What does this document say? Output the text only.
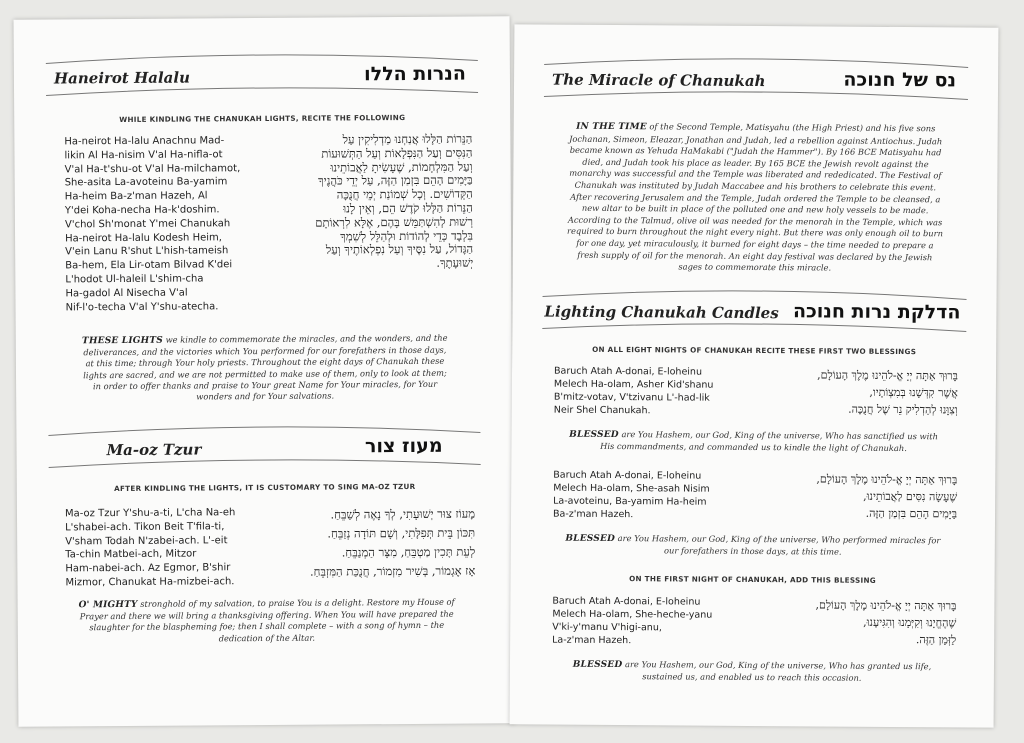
Haneirot Halalu	הנרות הללו
WHILE KINDLING THE CHANUKAH LIGHTS, RECITE THE FOLLOWING
Ha-neirot Ha-lalu Anachnu Mad-
likin Al Ha-nisim V'al Ha-nifla-ot
V'al Ha-t'shu-ot V'al Ha-milchamot,
She-asita La-avoteinu Ba-yamim
Ha-heim Ba-z'man Hazeh, Al
Y'dei Koha-necha Ha-k'doshim.
V'chol Sh'monat Y'mei Chanukah
Ha-neirot Ha-lalu Kodesh Heim,
V'ein Lanu R'shut L'hish-tameish
Ba-hem, Ela Lir-otam Bilvad K'dei
L'hodot Ul-haleil L'shim-cha
Ha-gadol Al Nisecha V'al
Nif-l'o-techa V'al Y'shu-atecha.
הַנֵּרוֹת הַלָּלוּ אֲנַחְנוּ מַדְלִיקִין עַל
הַנִּסִּים וְעַל הַנִּפְלָאוֹת וְעַל הַתְּשׁוּעוֹת
וְעַל הַמִּלְחָמוֹת, שֶׁעָשִׂיתָ לַאֲבוֹתֵינוּ
בַּיָּמִים הָהֵם בִּזְמַן הַזֶּה, עַל יְדֵי כֹּהֲנֶיךָ
הַקְּדוֹשִׁים. וְכָל שְׁמוֹנַת יְמֵי חֲנֻכָּה
הַנֵּרוֹת הַלָּלוּ קֹדֶשׁ הֵם, וְאֵין לָנוּ
רְשׁוּת לְהִשְׁתַּמֵּשׁ בָּהֶם, אֶלָּא לִרְאוֹתָם
בִּלְבָד כְּדֵי לְהוֹדוֹת וּלְהַלֵּל לְשִׁמְךָ
הַגָּדוֹל, עַל נִסֶּיךָ וְעַל נִפְלְאוֹתֶיךָ וְעַל
יְשׁוּעָתֶךָ.
THESE LIGHTS we kindle to commemorate the miracles, and the wonders, and the deliverances, and the victories which You performed for our forefathers in those days, at this time; through Your holy priests. Throughout the eight days of Chanukah these lights are sacred, and we are not permitted to make use of them, only to look at them; in order to offer thanks and praise to Your great Name for Your miracles, for Your wonders and for Your salvations.
Ma-oz Tzur	מעוז צור
AFTER KINDLING THE LIGHTS, IT IS CUSTOMARY TO SING MA-OZ TZUR
Ma-oz Tzur Y'shu-a-ti, L'cha Na-eh
L'shabei-ach. Tikon Beit T'fila-ti,
V'sham Todah N'zabei-ach. L'-eit
Ta-chin Matbei-ach, Mitzor
Ham-nabei-ach. Az Egmor, B'shir
Mizmor, Chanukat Ha-mizbei-ach.
מָעוֹז צוּר יְשׁוּעָתִי, לְךָ נָאֶה לְשַׁבֵּחַ.
תִּכּוֹן בֵּית תְּפִלָּתִי, וְשָׁם תּוֹדָה נְזַבֵּחַ.
לְעֵת תָּכִין מַטְבֵּחַ, מִצָּר הַמְנַבֵּחַ.
אָז אֶגְמוֹר, בְּשִׁיר מִזְמוֹר, חֲנֻכַּת הַמִּזְבֵּחַ.
O' MIGHTY stronghold of my salvation, to praise You is a delight. Restore my House of Prayer and there we will bring a thanksgiving offering. When You will have prepared the slaughter for the blaspheming foe; then I shall complete – with a song of hymn – the dedication of the Altar.
The Miracle of Chanukah	נס של חנוכה
IN THE TIME of the Second Temple, Matisyahu (the High Priest) and his five sons Jochanan, Simeon, Eleazar, Jonathan and Judah, led a rebellion against Antiochus. Judah became known as Yehuda HaMakabi ("Judah the Hammer"). By 166 BCE Matisyahu had died, and Judah took his place as leader. By 165 BCE the Jewish revolt against the monarchy was successful and the Temple was liberated and rededicated. The Festival of Chanukah was instituted by Judah Maccabee and his brothers to celebrate this event. After recovering Jerusalem and the Temple, Judah ordered the Temple to be cleansed, a new altar to be built in place of the polluted one and new holy vessels to be made. According to the Talmud, olive oil was needed for the menorah in the Temple, which was required to burn throughout the night every night. But there was only enough oil to burn for one day, yet miraculously, it burned for eight days – the time needed to prepare a fresh supply of oil for the menorah. An eight day festival was declared by the Jewish sages to commemorate this miracle.
Lighting Chanukah Candles הדלקת נרות חנוכה
ON ALL EIGHT NIGHTS OF CHANUKAH RECITE THESE FIRST TWO BLESSINGS
Baruch Atah A-donai, E-loheinu
Melech Ha-olam, Asher Kid'shanu
B'mitz-votav, V'tzivanu L'-had-lik
Neir Shel Chanukah.
בָּרוּךְ אַתָּה יְיָ אֱ-לֹהֵינוּ מֶלֶךְ הָעוֹלָם,
אֲשֶׁר קִדְּשָׁנוּ בְּמִצְוֹתָיו,
וְצִוָּנוּ לְהַדְלִיק נֵר שֶׁל חֲנֻכָּה.
BLESSED are You Hashem, our God, King of the universe, Who has sanctified us with His commandments, and commanded us to kindle the light of Chanukah.
Baruch Atah A-donai, E-loheinu
Melech Ha-olam, She-asah Nisim
La-avoteinu, Ba-yamim Ha-heim
Ba-z'man Hazeh.
בָּרוּךְ אַתָּה יְיָ אֱ-לֹהֵינוּ מֶלֶךְ הָעוֹלָם,
שֶׁעָשָׂה נִסִּים לַאֲבוֹתֵינוּ,
בַּיָּמִים הָהֵם בִּזְמַן הַזֶּה.
BLESSED are You Hashem, our God, King of the universe, Who performed miracles for our forefathers in those days, at this time.
ON THE FIRST NIGHT OF CHANUKAH, ADD THIS BLESSING
Baruch Atah A-donai, E-loheinu
Melech Ha-olam, She-heche-yanu
V'ki-y'manu V'higi-anu,
La-z'man Hazeh.
בָּרוּךְ אַתָּה יְיָ אֱ-לֹהֵינוּ מֶלֶךְ הָעוֹלָם,
שֶׁהֶחֱיָנוּ וְקִיְּמָנוּ וְהִגִּיעָנוּ,
לַזְּמַן הַזֶּה.
BLESSED are You Hashem, our God, King of the universe, Who has granted us life, sustained us, and enabled us to reach this occasion.
